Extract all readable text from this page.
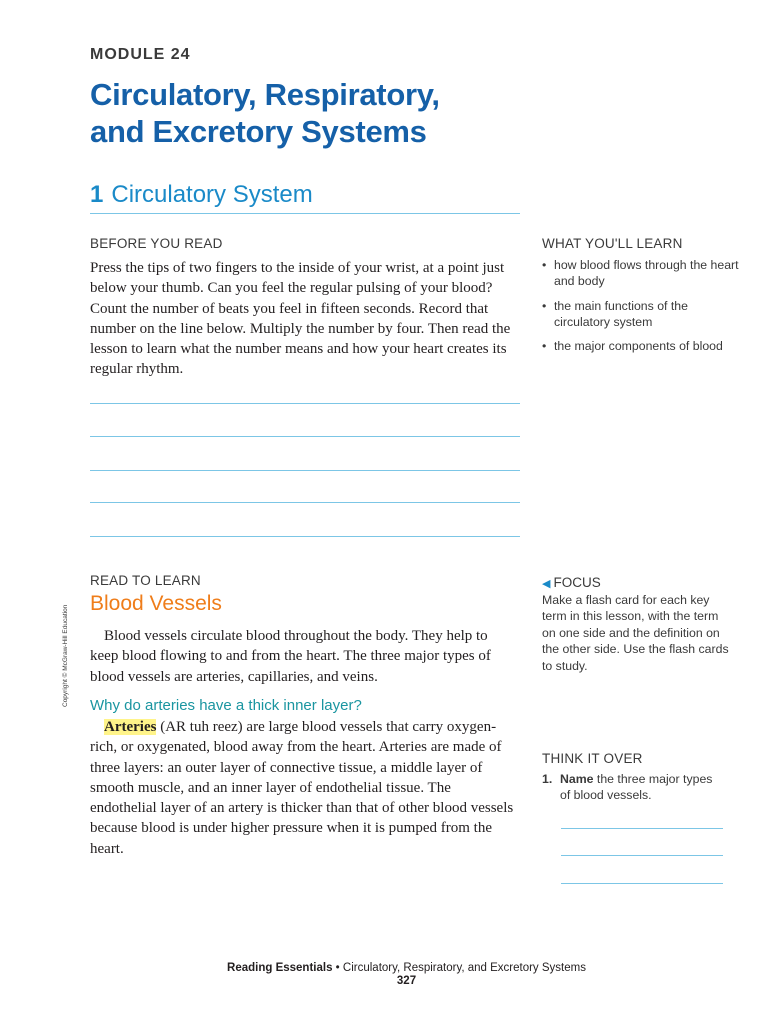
MODULE 24
Circulatory, Respiratory,
and Excretory Systems
1 Circulatory System
BEFORE YOU READ
Press the tips of two fingers to the inside of your wrist, at a point just below your thumb. Can you feel the regular pulsing of your blood? Count the number of beats you feel in fifteen seconds. Record that number on the line below. Multiply the number by four. Then read the lesson to learn what the number means and how your heart creates its regular rhythm.
WHAT YOU'LL LEARN
• how blood flows through the heart and body
• the main functions of the circulatory system
• the major components of blood
READ TO LEARN
Blood Vessels
Blood vessels circulate blood throughout the body. They help to keep blood flowing to and from the heart. The three major types of blood vessels are arteries, capillaries, and veins.
Why do arteries have a thick inner layer?
Arteries (AR tuh reez) are large blood vessels that carry oxygen-rich, or oxygenated, blood away from the heart. Arteries are made of three layers: an outer layer of connective tissue, a middle layer of smooth muscle, and an inner layer of endothelial tissue. The endothelial layer of an artery is thicker than that of other blood vessels because blood is under higher pressure when it is pumped from the heart.
◀ FOCUS
Make a flash card for each key term in this lesson, with the term on one side and the definition on the other side. Use the flash cards to study.
THINK IT OVER
1. Name the three major types
of blood vessels.
Copyright © McGraw-Hill Education
Reading Essentials • Circulatory, Respiratory, and Excretory Systems
327
